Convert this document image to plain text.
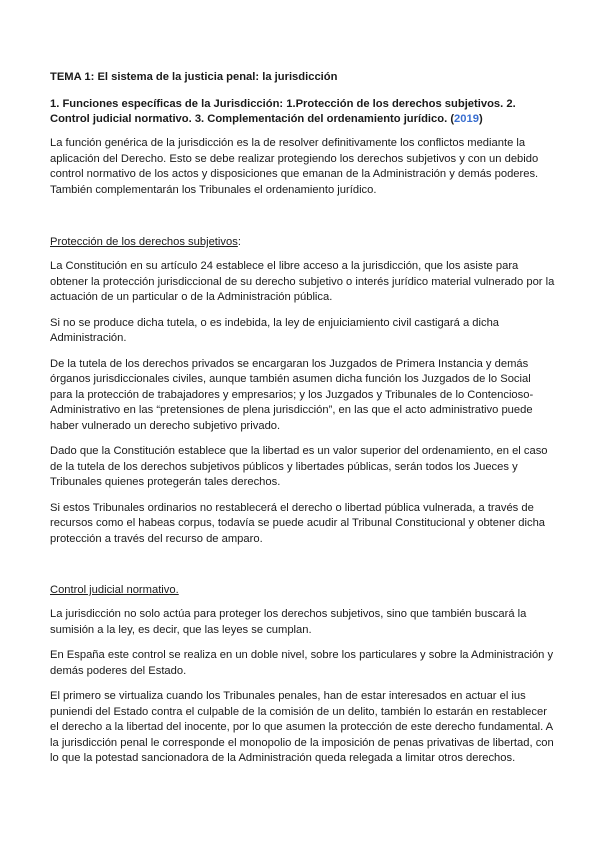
TEMA 1: El sistema de la justicia penal: la jurisdicción
1. Funciones específicas de la Jurisdicción: 1.Protección de los derechos subjetivos. 2. Control judicial normativo. 3. Complementación del ordenamiento jurídico. (2019)

La función genérica de la jurisdicción es la de resolver definitivamente los conflictos mediante la aplicación del Derecho. Esto se debe realizar protegiendo los derechos subjetivos y con un debido control normativo de los actos y disposiciones que emanan de la Administración y demás poderes. También complementarán los Tribunales el ordenamiento jurídico.

Protección de los derechos subjetivos:

La Constitución en su artículo 24 establece el libre acceso a la jurisdicción, que los asiste para obtener la protección jurisdiccional de su derecho subjetivo o interés jurídico material vulnerado por la actuación de un particular o de la Administración pública.

Si no se produce dicha tutela, o es indebida, la ley de enjuiciamiento civil castigará a dicha Administración.

De la tutela de los derechos privados se encargaran los Juzgados de Primera Instancia y demás órganos jurisdiccionales civiles, aunque también asumen dicha función los Juzgados de lo Social para la protección de trabajadores y empresarios; y los Juzgados y Tribunales de lo Contencioso-Administrativo en las “pretensiones de plena jurisdicción”, en las que el acto administrativo puede haber vulnerado un derecho subjetivo privado.

Dado que la Constitución establece que la libertad es un valor superior del ordenamiento, en el caso de la tutela de los derechos subjetivos públicos y libertades públicas, serán todos los Jueces y Tribunales quienes protegerán tales derechos.

Si estos Tribunales ordinarios no restablecerá el derecho o libertad pública vulnerada, a través de recursos como el habeas corpus, todavía se puede acudir al Tribunal Constitucional y obtener dicha protección a través del recurso de amparo.

Control judicial normativo.

La jurisdicción no solo actúa para proteger los derechos subjetivos, sino que también buscará la sumisión a la ley, es decir, que las leyes se cumplan.

En España este control se realiza en un doble nivel, sobre los particulares y sobre la Administración y demás poderes del Estado.

El primero se virtualiza cuando los Tribunales penales, han de estar interesados en actuar el ius puniendi del Estado contra el culpable de la comisión de un delito, también lo estarán en restablecer el derecho a la libertad del inocente, por lo que asumen la protección de este derecho fundamental. A la jurisdicción penal le corresponde el monopolio de la imposición de penas privativas de libertad, con lo que la potestad sancionadora de la Administración queda relegada a limitar otros derechos.
